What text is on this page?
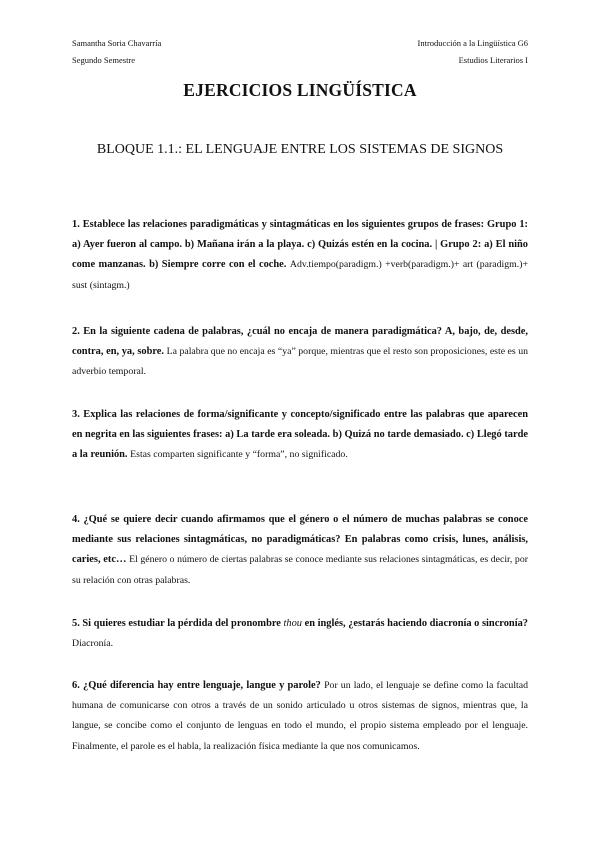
Samantha Soria Chavarría
Segundo Semestre
Introducción a la Lingüística G6
Estudios Literarios I
EJERCICIOS LINGÜÍSTICA
BLOQUE 1.1.: EL LENGUAJE ENTRE LOS SISTEMAS DE SIGNOS
1. Establece las relaciones paradigmáticas y sintagmáticas en los siguientes grupos de frases: Grupo 1: a) Ayer fueron al campo. b) Mañana irán a la playa. c) Quizás estén en la cocina. | Grupo 2: a) El niño come manzanas. b) Siempre corre con el coche. Adv.tiempo(paradigm.) +verb(paradigm.)+ art (paradigm.)+ sust (sintagm.)
2. En la siguiente cadena de palabras, ¿cuál no encaja de manera paradigmática? A, bajo, de, desde, contra, en, ya, sobre. La palabra que no encaja es “ya” porque, mientras que el resto son proposiciones, este es un adverbio temporal.
3. Explica las relaciones de forma/significante y concepto/significado entre las palabras que aparecen en negrita en las siguientes frases: a) La tarde era soleada. b) Quizá no tarde demasiado. c) Llegó tarde a la reunión. Estas comparten significante y “forma”, no significado.
4. ¿Qué se quiere decir cuando afirmamos que el género o el número de muchas palabras se conoce mediante sus relaciones sintagmáticas, no paradigmáticas? En palabras como crisis, lunes, análisis, caries, etc… El género o número de ciertas palabras se conoce mediante sus relaciones sintagmáticas, es decir, por su relación con otras palabras.
5. Si quieres estudiar la pérdida del pronombre thou en inglés, ¿estarás haciendo diacronía o sincronía? Diacronía.
6. ¿Qué diferencia hay entre lenguaje, langue y parole? Por un lado, el lenguaje se define como la facultad humana de comunicarse con otros a través de un sonido articulado u otros sistemas de signos, mientras que, la langue, se concibe como el conjunto de lenguas en todo el mundo, el propio sistema empleado por el lenguaje. Finalmente, el parole es el habla, la realización física mediante la que nos comunicamos.
